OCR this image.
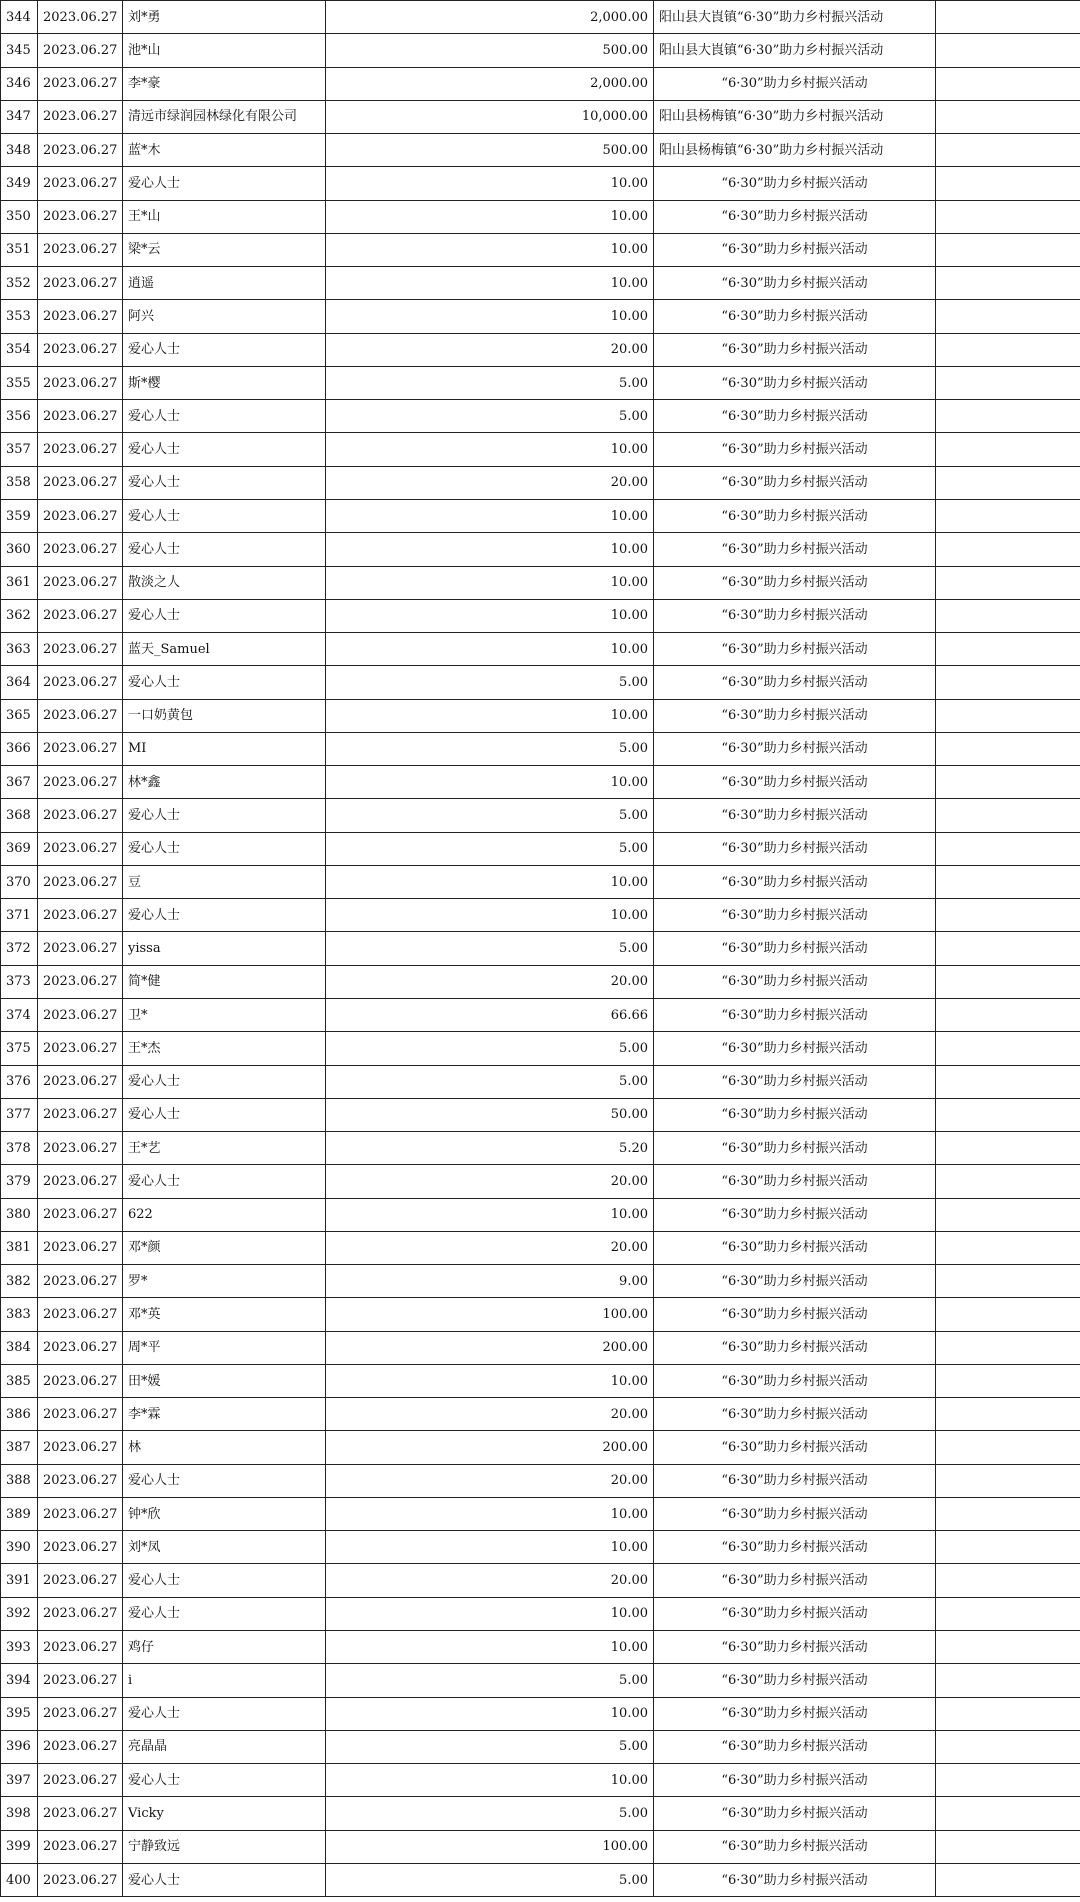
344	2023.06.27	刘*勇	2,000.00	阳山县大崀镇“6·30”助力乡村振兴活动	
345	2023.06.27	池*山	500.00	阳山县大崀镇“6·30”助力乡村振兴活动	
346	2023.06.27	李*豪	2,000.00	“6·30”助力乡村振兴活动	
347	2023.06.27	清远市绿润园林绿化有限公司	10,000.00	阳山县杨梅镇“6·30”助力乡村振兴活动	
348	2023.06.27	蓝*木	500.00	阳山县杨梅镇“6·30”助力乡村振兴活动	
349	2023.06.27	爱心人士	10.00	“6·30”助力乡村振兴活动	
350	2023.06.27	王*山	10.00	“6·30”助力乡村振兴活动	
351	2023.06.27	梁*云	10.00	“6·30”助力乡村振兴活动	
352	2023.06.27	逍遥	10.00	“6·30”助力乡村振兴活动	
353	2023.06.27	阿兴	10.00	“6·30”助力乡村振兴活动	
354	2023.06.27	爱心人士	20.00	“6·30”助力乡村振兴活动	
355	2023.06.27	斯*樱	5.00	“6·30”助力乡村振兴活动	
356	2023.06.27	爱心人士	5.00	“6·30”助力乡村振兴活动	
357	2023.06.27	爱心人士	10.00	“6·30”助力乡村振兴活动	
358	2023.06.27	爱心人士	20.00	“6·30”助力乡村振兴活动	
359	2023.06.27	爱心人士	10.00	“6·30”助力乡村振兴活动	
360	2023.06.27	爱心人士	10.00	“6·30”助力乡村振兴活动	
361	2023.06.27	散淡之人	10.00	“6·30”助力乡村振兴活动	
362	2023.06.27	爱心人士	10.00	“6·30”助力乡村振兴活动	
363	2023.06.27	蓝天_Samuel	10.00	“6·30”助力乡村振兴活动	
364	2023.06.27	爱心人士	5.00	“6·30”助力乡村振兴活动	
365	2023.06.27	一口奶黄包	10.00	“6·30”助力乡村振兴活动	
366	2023.06.27	MI	5.00	“6·30”助力乡村振兴活动	
367	2023.06.27	林*鑫	10.00	“6·30”助力乡村振兴活动	
368	2023.06.27	爱心人士	5.00	“6·30”助力乡村振兴活动	
369	2023.06.27	爱心人士	5.00	“6·30”助力乡村振兴活动	
370	2023.06.27	豆	10.00	“6·30”助力乡村振兴活动	
371	2023.06.27	爱心人士	10.00	“6·30”助力乡村振兴活动	
372	2023.06.27	yissa	5.00	“6·30”助力乡村振兴活动	
373	2023.06.27	简*健	20.00	“6·30”助力乡村振兴活动	
374	2023.06.27	卫*	66.66	“6·30”助力乡村振兴活动	
375	2023.06.27	王*杰	5.00	“6·30”助力乡村振兴活动	
376	2023.06.27	爱心人士	5.00	“6·30”助力乡村振兴活动	
377	2023.06.27	爱心人士	50.00	“6·30”助力乡村振兴活动	
378	2023.06.27	王*艺	5.20	“6·30”助力乡村振兴活动	
379	2023.06.27	爱心人士	20.00	“6·30”助力乡村振兴活动	
380	2023.06.27	622	10.00	“6·30”助力乡村振兴活动	
381	2023.06.27	邓*颜	20.00	“6·30”助力乡村振兴活动	
382	2023.06.27	罗*	9.00	“6·30”助力乡村振兴活动	
383	2023.06.27	邓*英	100.00	“6·30”助力乡村振兴活动	
384	2023.06.27	周*平	200.00	“6·30”助力乡村振兴活动	
385	2023.06.27	田*媛	10.00	“6·30”助力乡村振兴活动	
386	2023.06.27	李*霖	20.00	“6·30”助力乡村振兴活动	
387	2023.06.27	林	200.00	“6·30”助力乡村振兴活动	
388	2023.06.27	爱心人士	20.00	“6·30”助力乡村振兴活动	
389	2023.06.27	钟*欣	10.00	“6·30”助力乡村振兴活动	
390	2023.06.27	刘*凤	10.00	“6·30”助力乡村振兴活动	
391	2023.06.27	爱心人士	20.00	“6·30”助力乡村振兴活动	
392	2023.06.27	爱心人士	10.00	“6·30”助力乡村振兴活动	
393	2023.06.27	鸡仔	10.00	“6·30”助力乡村振兴活动	
394	2023.06.27	i	5.00	“6·30”助力乡村振兴活动	
395	2023.06.27	爱心人士	10.00	“6·30”助力乡村振兴活动	
396	2023.06.27	亮晶晶	5.00	“6·30”助力乡村振兴活动	
397	2023.06.27	爱心人士	10.00	“6·30”助力乡村振兴活动	
398	2023.06.27	Vicky	5.00	“6·30”助力乡村振兴活动	
399	2023.06.27	宁静致远	100.00	“6·30”助力乡村振兴活动	
400	2023.06.27	爱心人士	5.00	“6·30”助力乡村振兴活动	
